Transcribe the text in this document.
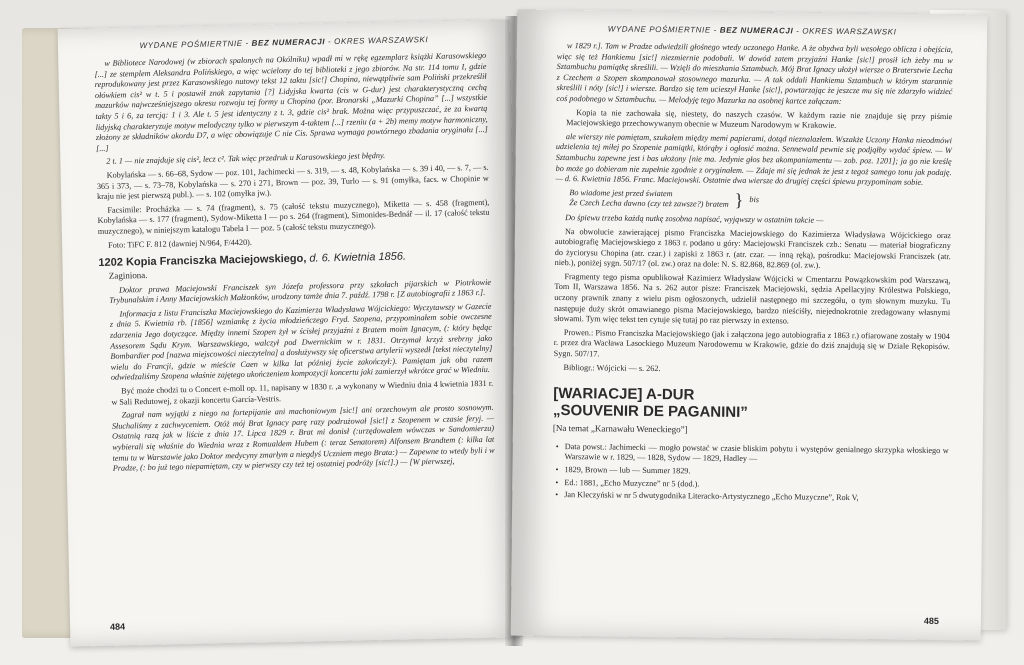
WYDANE POŚMIERTNIE - BEZ NUMERACJI - OKRES WARSZAWSKI

w Bibliotece Narodowej (w zbiorach spalonych na Okólniku) wpadł mi w rękę egzemplarz książki Karasowskiego [...] ze stemplem Aleksandra Polińskiego, a więc wcielony do tej biblioteki z jego zbiorów. Na str. 114 tomu I, gdzie reprodukowany jest przez Karasowskiego nutowy tekst 12 taktu [sic!] Chopina, niewątpliwie sam Poliński przekreślił ołówkiem cis² w t. 5 i postawił znak zapytania [?] Lidyjska kwarta (cis w G-dur) jest charakterystyczną cechą mazurków najwcześniejszego okresu rozwoju tej formy u Chopina (por. Bronarski „Mazurki Chopina” [...] wszystkie takty 5 i 6, za tercją: 1 i 3. Ale t. 5 jest identyczny z t. 3, gdzie cis² brak. Można więc przypuszczać, że za kwartą lidyjską charakteryzuje motyw melodyczny tylko w pierwszym 4-taktem [...] rzeniu (a + 2b) memy motyw harmoniczny, złożony ze składników akordu D7, a więc obowiązuje C nie Cis. Sprawa wymaga powtórnego zbadania oryginału [...] [...]

2 t. 1 — nie znajduje się cis², lecz c². Tak więc przedruk u Karasowskiego jest błędny.

Kobylańska — s. 66–68, Sydow — poz. 101, Jachimecki — s. 319, — s. 48, Kobylańska — s. 39 i 40, — s. 7, — s. 365 i 373, — s. 73–78, Kobylańska — s. 270 i 271, Brown — poz. 39, Turlo — s. 91 (omyłka, facs. w Chopinie w kraju nie jest pierwszą publ.). — s. 102 (omyłka jw.).

Facsimile: Procházka — s. 74 (fragment), s. 75 (całość tekstu muzycznego), Miketta — s. 458 (fragment), Kobylańska — s. 177 (fragment), Sydow-Miketta I — po s. 264 (fragment), Simonides-Bednář — il. 17 (całość tekstu muzycznego), w niniejszym katalogu Tabela I — poz. 5 (całość tekstu muzycznego).

Foto: TiFC F. 812 (dawniej N/964, F/4420).

1202 Kopia Franciszka Maciejowskiego, d. 6. Kwietnia 1856.
Zaginiona.

Doktor prawa Maciejowski Franciszek syn Józefa professora przy szkołach pijarskich w Piotrkowie Trybunalskim i Anny Maciejowskich Małżonków, urodzony tamże dnia 7. paźdź. 1798 r. [Z autobiografii z 1863 r.].

Informacja z listu Franciszka Maciejowskiego do Kazimierza Władysława Wójcickiego: Wyczytawszy w Gazecie z dnia 5. Kwietnia rb. [1856] wzmiankę z życia młodzieńczego Fryd. Szopena, przypominałem sobie owczesne zdarzenia Jego dotyczące. Między innemi Szopen żył w ścisłej przyjaźni z Bratem moim Ignacym, (: który będąc Assesorem Sądu Krym. Warszawskiego, walczył pod Dwernickim w r. 1831. Otrzymał krzyż srebrny jako Bombardier pod [nazwa miejscowości nieczytelna] a dosłużywszy się oficerstwa artylerii wyszedł [tekst nieczytelny] wielu do Francji, gdzie w mieście Caen w kilka lat później życie zakończył:). Pamiętam jak oba razem odwiedzaliśmy Szopena właśnie zajętego ukończeniem kompozycji koncertu jaki zamierzył wkrótce grać w Wiedniu.

Być może chodzi tu o Concert e-moll op. 11, napisany w 1830 r. ,a wykonany w Wiedniu dnia 4 kwietnia 1831 r. w Sali Redutowej, z okazji koncertu García-Vestris.

Zagrał nam wyjątki z niego na fortepijanie ani machoniowym [sic!] ani orzechowym ale prosto sosnowym. Słuchaliśmy z zachwyceniem. Otóż mój Brat Ignacy parę razy podrużował [sic!] z Szopenem w czasie feryj. — Ostatnią razą jak w liście z dnia 17. Lipca 1829 r. Brat mi donisł (:urzędowałem wówczas w Sandomierzu) wybierali się właśnie do Wiednia wraz z Romualdem Hubem (: teraz Senatorem) Alfonsem Brandtem (: kilka lat temu tu w Warszawie jako Doktor medycyny zmarłym a niegdyś Uczniem mego Brata:) — Zapewne to wtedy byli i w Pradze, (: bo już tego niepamiętam, czy w pierwszy czy też tej ostatniej podróży [sic!].) — [W pierwszej,

484
WYDANE POŚMIERTNIE - BEZ NUMERACJI - OKRES WARSZAWSKI

w 1829 r.]. Tam w Pradze odwiedzili głośnego wtedy uczonego Hanke. A że obydwa byli wesołego oblicza i obejścia, więc się też Hankiemu [sic!] niezmiernie podobali. W dowód zatem przyjaźni Hanke [sic!] prosił ich żeby mu w Sztambuchu pamiątkę skreślili. — Wzięli do mieszkania Sztambuch. Mój Brat Ignacy ułożył wiersze o Braterstwie Lecha z Czechem a Szopen skomponował stosownego mazurka. — A tak oddali Hankiemu Sztambuch w którym starannie skreślili i nóty [sic!] i wiersze. Bardzo się tem ucieszył Hanke [sic!], powtarzając że jeszcze mu się nie zdarzyło widzieć coś podobnego w Sztambuchu. — Melodyję tego Mazurka na osobnej kartce załączam:

Kopia ta nie zachowała się, niestety, do naszych czasów. W każdym razie nie znajduje się przy piśmie Maciejowskiego przechowywanym obecnie w Muzeum Narodowym w Krakowie.

ale wierszy nie pamiętam, szukałem między memi papierami, dotąd nieznalazłem. Wszakże Uczony Hanka nieodmówi udzielenia tej miłej po Szopenie pamiątki, którąby i ogłosić można. Sennewald pewnie się podjąłby wydać śpiew. — W Sztambuchu zapewne jest i bas ułożony [nie ma. Jedynie głos bez akompaniamentu — zob. poz. 1201]; ja go nie kreślę bo może go dobieram nie zupełnie zgodnie z oryginałem. — Zdaje mi się jednak że jest z tegoż samego tonu jak podaję. — d. 6. Kwietnia 1856. Franc. Maciejowski. Ostatnie dwa wiersze do drugiej części śpiewu przypominam sobie.

Bo wiadome jest przed światem
Że Czech Lecha dawno (czy też zawsze?) bratem } bis

Do śpiewu trzeba każdą nutkę zosobna napisać, wyjąwszy w ostatnim takcie —

Na obwolucie zawierającej pismo Franciszka Maciejowskiego do Kazimierza Władysława Wójcickiego oraz autobiografię Maciejowskiego z 1863 r. podano u góry: Maciejowski Franciszek czb.: Senatu — materiał biograficzny do życiorysu Chopina (atr. czar.) i zapiski z 1863 r. (atr. czar. — inną ręką), pośrodku: Maciejowski Franciszek (atr. nieb.), poniżej sygn. 507/17 (ol. zw.) oraz na dole: N. S. 82.868, 82.869 (ol. zw.).

Fragmenty tego pisma opublikował Kazimierz Władysław Wójcicki w Cmentarzu Powązkowskim pod Warszawą, Tom II, Warszawa 1856. Na s. 262 autor pisze: Franciszek Maciejowski, sędzia Apellacyjny Królestwa Polskiego, uczony prawnik znany z wielu pism ogłoszonych, udzielił następnego mi szczegółu, o tym słownym muzyku. Tu następuje duży skrót omawianego pisma Maciejowskiego, bardzo nieściśły, niejednokrotnie zredagowany własnymi słowami. Tym więc tekst ten cytuje się tutaj po raz pierwszy in extenso.

Prowen.: Pismo Franciszka Maciejowskiego (jak i załączona jego autobiografia z 1863 r.) ofiarowane zostały w 1904 r. przez dra Wacława Lasockiego Muzeum Narodowemu w Krakowie, gdzie do dziś znajdują się w Dziale Rękopisów. Sygn. 507/17.

Bibliogr.: Wójcicki — s. 262.

[WARIACJE] A-DUR
„SOUVENIR DE PAGANINI”
[Na temat „Karnawału Weneckiego”]
• Data powst.: Jachimecki — mogło powstać w czasie bliskim pobytu i występów genialnego skrzypka włoskiego w Warszawie w r. 1829, — 1828, Sydow — 1829, Hadley —
• 1829, Brown — lub — Summer 1829.
• Ed.: 1881, „Echo Muzyczne” nr 5 (dod.).
• Jan Kleczyński w nr 5 dwutygodnika Literacko-Artystycznego „Echo Muzyczne”, Rok V,
485
